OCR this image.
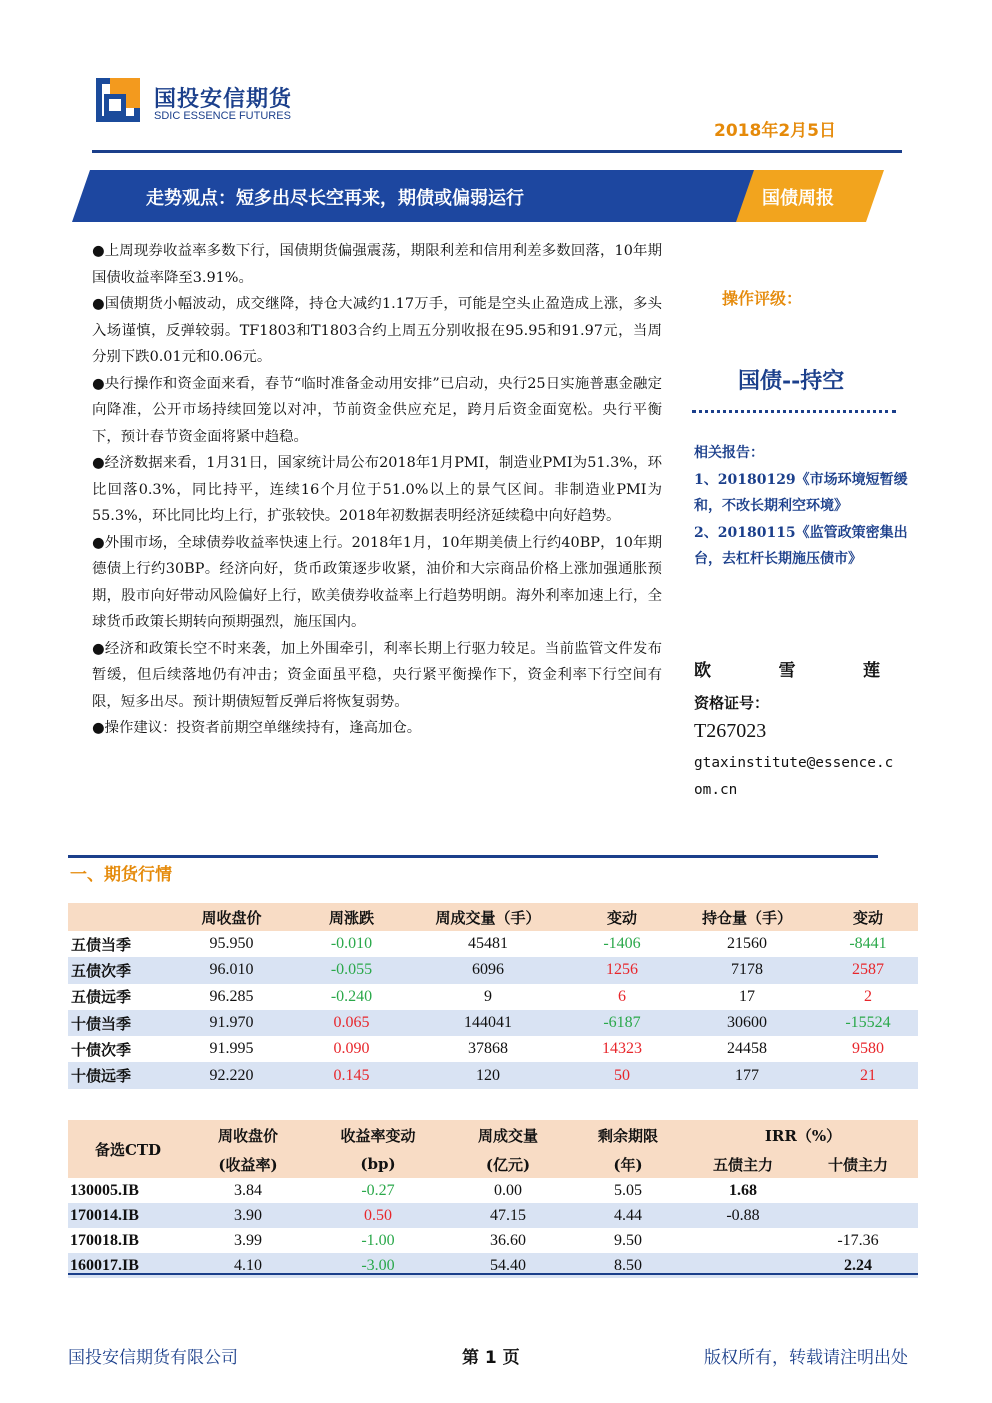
国投安信期货
SDIC ESSENCE FUTURES
2018年2月5日
走势观点：短多出尽长空再来，期债或偏弱运行	国债周报

●上周现券收益率多数下行，国债期货偏强震荡，期限利差和信用利差多数回落，10年期国债收益率降至3.91%。

●国债期货小幅波动，成交继降，持仓大减约1.17万手，可能是空头止盈造成上涨，多头入场谨慎，反弹较弱。TF1803和T1803合约上周五分别收报在95.95和91.97元，当周分别下跌0.01元和0.06元。

●央行操作和资金面来看，春节“临时准备金动用安排”已启动，央行25日实施普惠金融定向降准，公开市场持续回笼以对冲，节前资金供应充足，跨月后资金面宽松。央行平衡下，预计春节资金面将紧中趋稳。

●经济数据来看，1月31日，国家统计局公布2018年1月PMI，制造业PMI为51.3%，环比回落0.3%，同比持平，连续16个月位于51.0%以上的景气区间。非制造业PMI为55.3%，环比同比均上行，扩张较快。2018年初数据表明经济延续稳中向好趋势。

●外围市场，全球债券收益率快速上行。2018年1月，10年期美债上行约40BP，10年期德债上行约30BP。经济向好，货币政策逐步收紧，油价和大宗商品价格上涨加强通胀预期，股市向好带动风险偏好上行，欧美债券收益率上行趋势明朗。海外利率加速上行，全球货币政策长期转向预期强烈，施压国内。

●经济和政策长空不时来袭，加上外围牵引，利率长期上行驱力较足。当前监管文件发布暂缓，但后续落地仍有冲击；资金面虽平稳，央行紧平衡操作下，资金利率下行空间有限，短多出尽。预计期债短暂反弹后将恢复弱势。

●操作建议：投资者前期空单继续持有，逢高加仓。

操作评级：
国债--持空

相关报告：

1、20180129《市场环境短暂缓和，不改长期利空环境》

2、20180115《监管政策密集出台，去杠杆长期施压债市》

欧	雪	莲
资格证号：
T267023
gtaxinstitute@essence.com.cn
一、期货行情
	周收盘价	周涨跌	周成交量（手）	变动	持仓量（手）	变动
五债当季	95.950	-0.010	45481	-1406	21560	-8441
五债次季	96.010	-0.055	6096	1256	7178	2587
五债远季	96.285	-0.240	9	6	17	2
十债当季	91.970	0.065	144041	-6187	30600	-15524
十债次季	91.995	0.090	37868	14323	24458	9580
十债远季	92.220	0.145	120	50	177	21
备选CTD	周收盘价	收益率变动	周成交量	剩余期限	IRR（%）	
	(收益率)	(bp)	(亿元)	(年)	五债主力	十债主力
130005.IB	3.84	-0.27	0.00	5.05	1.68	
170014.IB	3.90	0.50	47.15	4.44	-0.88	
170018.IB	3.99	-1.00	36.60	9.50		-17.36
160017.IB	4.10	-3.00	54.40	8.50		2.24
国投安信期货有限公司	第 1 页	版权所有，转载请注明出处
